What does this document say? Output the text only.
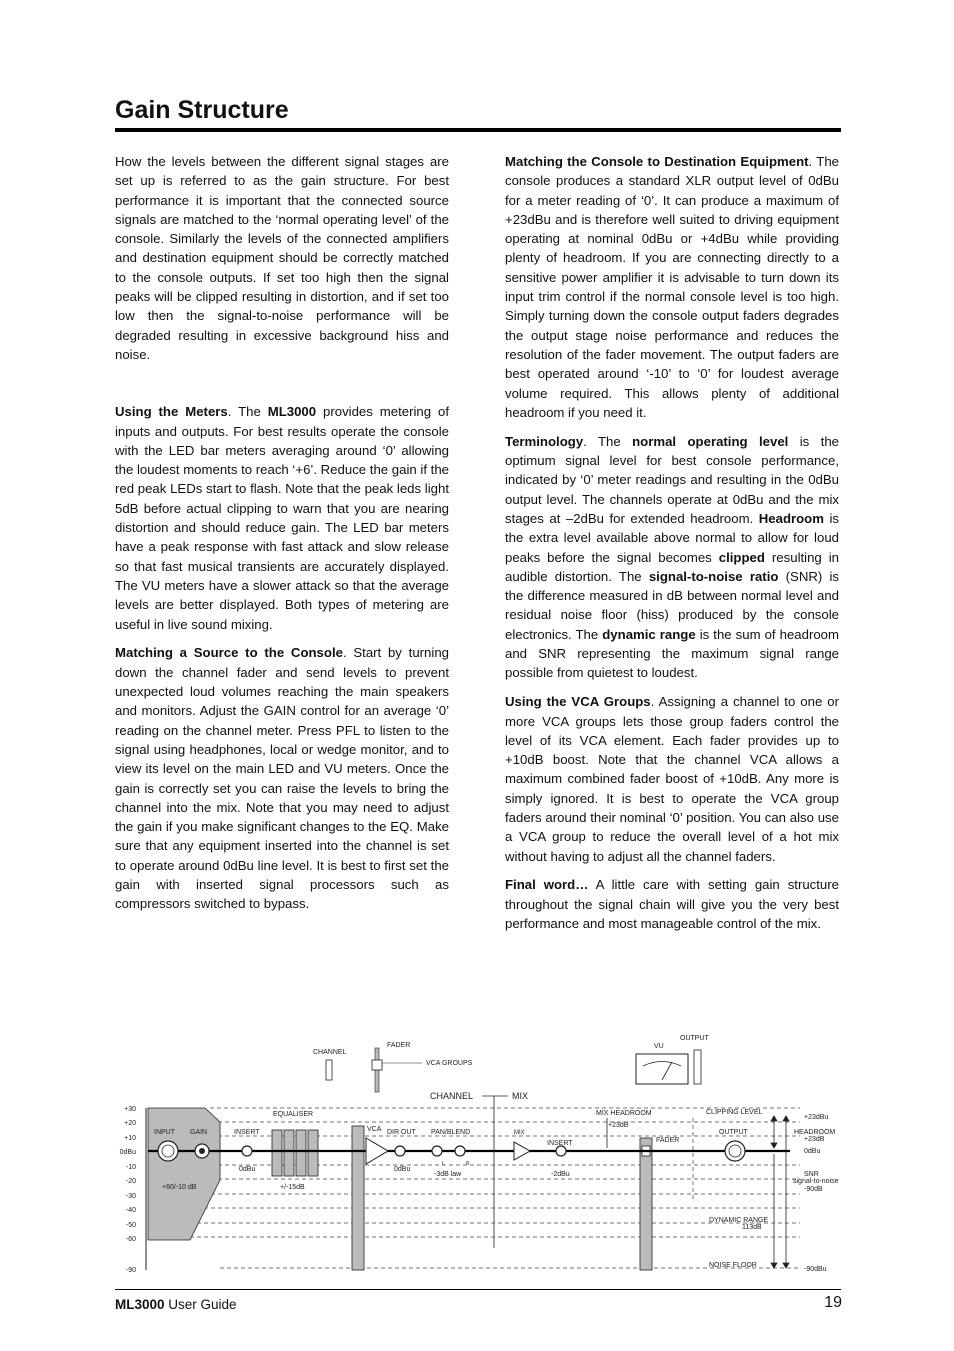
Gain Structure

How the levels between the different signal stages are set up is referred to as the gain structure. For best performance it is important that the connected source signals are matched to the ‘normal operating level’ of the console. Similarly the levels of the connected amplifiers and destination equipment should be correctly matched to the console outputs. If set too high then the signal peaks will be clipped resulting in distortion, and if set too low then the signal-to-noise performance will be degraded resulting in excessive background hiss and noise.

Using the Meters. The ML3000 provides metering of inputs and outputs. For best results operate the console with the LED bar meters averaging around ‘0’ allowing the loudest moments to reach ‘+6’. Reduce the gain if the red peak LEDs start to flash. Note that the peak leds light 5dB before actual clipping to warn that you are nearing distortion and should reduce gain. The LED bar meters have a peak response with fast attack and slow release so that fast musical transients are accurately displayed. The VU meters have a slower attack so that the average levels are better displayed. Both types of metering are useful in live sound mixing.

Matching a Source to the Console. Start by turning down the channel fader and send levels to prevent unexpected loud volumes reaching the main speakers and monitors. Adjust the GAIN control for an average ‘0’ reading on the channel meter. Press PFL to listen to the signal using headphones, local or wedge monitor, and to view its level on the main LED and VU meters. Once the gain is correctly set you can raise the levels to bring the channel into the mix. Note that you may need to adjust the gain if you make significant changes to the EQ. Make sure that any equipment inserted into the channel is set to operate around 0dBu line level. It is best to first set the gain with inserted signal processors such as compressors switched to bypass.

Matching the Console to Destination Equipment. The console produces a standard XLR output level of 0dBu for a meter reading of ‘0’. It can produce a maximum of +23dBu and is therefore well suited to driving equipment operating at nominal 0dBu or +4dBu while providing plenty of headroom. If you are connecting directly to a sensitive power amplifier it is advisable to turn down its input trim control if the normal console level is too high. Simply turning down the console output faders degrades the output stage noise performance and reduces the resolution of the fader movement. The output faders are best operated around ‘-10’ to ‘0’ for loudest average volume required. This allows plenty of additional headroom if you need it.

Terminology. The normal operating level is the optimum signal level for best console performance, indicated by ‘0’ meter readings and resulting in the 0dBu output level. The channels operate at 0dBu and the mix stages at –2dBu for extended headroom. Headroom is the extra level available above normal to allow for loud peaks before the signal becomes clipped resulting in audible distortion. The signal-to-noise ratio (SNR) is the difference measured in dB between normal level and residual noise floor (hiss) produced by the console electronics. The dynamic range is the sum of headroom and SNR representing the maximum signal range possible from quietest to loudest.

Using the VCA Groups. Assigning a channel to one or more VCA groups lets those group faders control the level of its VCA element. Each fader provides up to +10dB boost. Note that the channel VCA allows a maximum combined fader boost of +10dB. Any more is simply ignored. It is best to operate the VCA group faders around their nominal ‘0’ position. You can also use a VCA group to reduce the overall level of a hot mix without having to adjust all the channel faders.

Final word… A little care with setting gain structure throughout the signal chain will give you the very best performance and most manageable control of the mix.

+30
+20
+10
0dBu
-10
-20
-30
-40
-50
-60
-90
CHANNEL
FADER
VCA GROUPS
VU
OUTPUT
CHANNEL	MIX
INPUT GAIN	INSERT
EQUALISER
VCA DIR OUT PAN/BLEND	MIX
INSERT
MIX HEADROOM
+23dB
FADER
CLIPPING LEVEL
OUTPUT
+23dBu
HEADROOM
+23dB
0dBu
SNR
signal-to-noise
-90dB
DYNAMIC RANGE
113dB
NOISE FLOOR
-90dBu
0dBu	0dBu
-2dBu
+60/-10 dB	+/-15dB
-3dB law
L	R
ML3000 User Guide	19
